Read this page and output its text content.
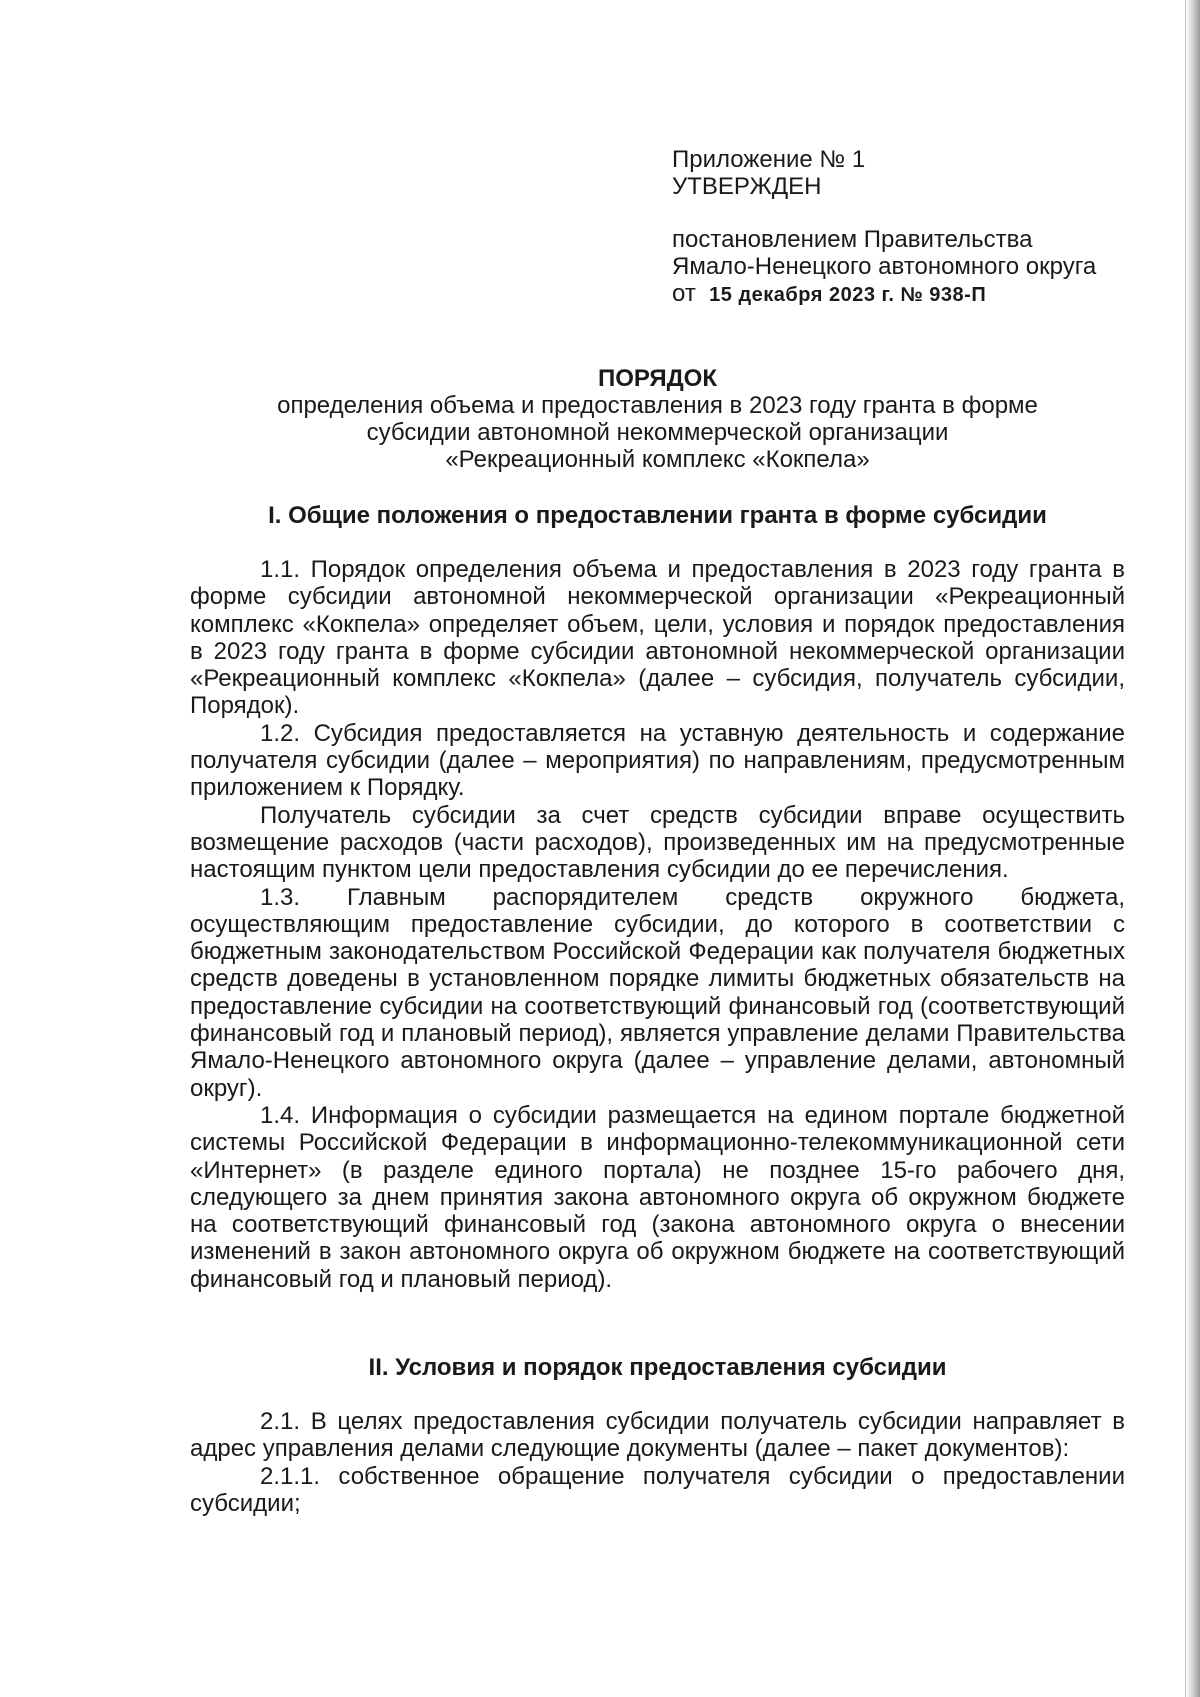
Приложение № 1
УТВЕРЖДЕН
постановлением Правительства
Ямало-Ненецкого автономного округа
от 15 декабря 2023 г. № 938-П
ПОРЯДОК
определения объема и предоставления в 2023 году гранта в форме
субсидии автономной некоммерческой организации
«Рекреационный комплекс «Кокпела»
I. Общие положения о предоставлении гранта в форме субсидии

1.1. Порядок определения объема и предоставления в 2023 году гранта в форме субсидии автономной некоммерческой организации «Рекреационный комплекс «Кокпела» определяет объем, цели, условия и порядок предоставления в 2023 году гранта в форме субсидии автономной некоммерческой организации «Рекреационный комплекс «Кокпела» (далее – субсидия, получатель субсидии, Порядок).

1.2. Субсидия предоставляется на уставную деятельность и содержание получателя субсидии (далее – мероприятия) по направлениям, предусмотренным приложением к Порядку.

Получатель субсидии за счет средств субсидии вправе осуществить возмещение расходов (части расходов), произведенных им на предусмотренные настоящим пунктом цели предоставления субсидии до ее перечисления.

1.3. Главным распорядителем средств окружного бюджета, осуществляющим предоставление субсидии, до которого в соответствии с бюджетным законодательством Российской Федерации как получателя бюджетных средств доведены в установленном порядке лимиты бюджетных обязательств на предоставление субсидии на соответствующий финансовый год (соответствующий финансовый год и плановый период), является управление делами Правительства Ямало-Ненецкого автономного округа (далее – управление делами, автономный округ).

1.4. Информация о субсидии размещается на едином портале бюджетной системы Российской Федерации в информационно-телекоммуникационной сети «Интернет» (в разделе единого портала) не позднее 15-го рабочего дня, следующего за днем принятия закона автономного округа об окружном бюджете на соответствующий финансовый год (закона автономного округа о внесении изменений в закон автономного округа об окружном бюджете на соответствующий финансовый год и плановый период).

II. Условия и порядок предоставления субсидии

2.1. В целях предоставления субсидии получатель субсидии направляет в адрес управления делами следующие документы (далее – пакет документов):

2.1.1. собственное обращение получателя субсидии о предоставлении субсидии;
